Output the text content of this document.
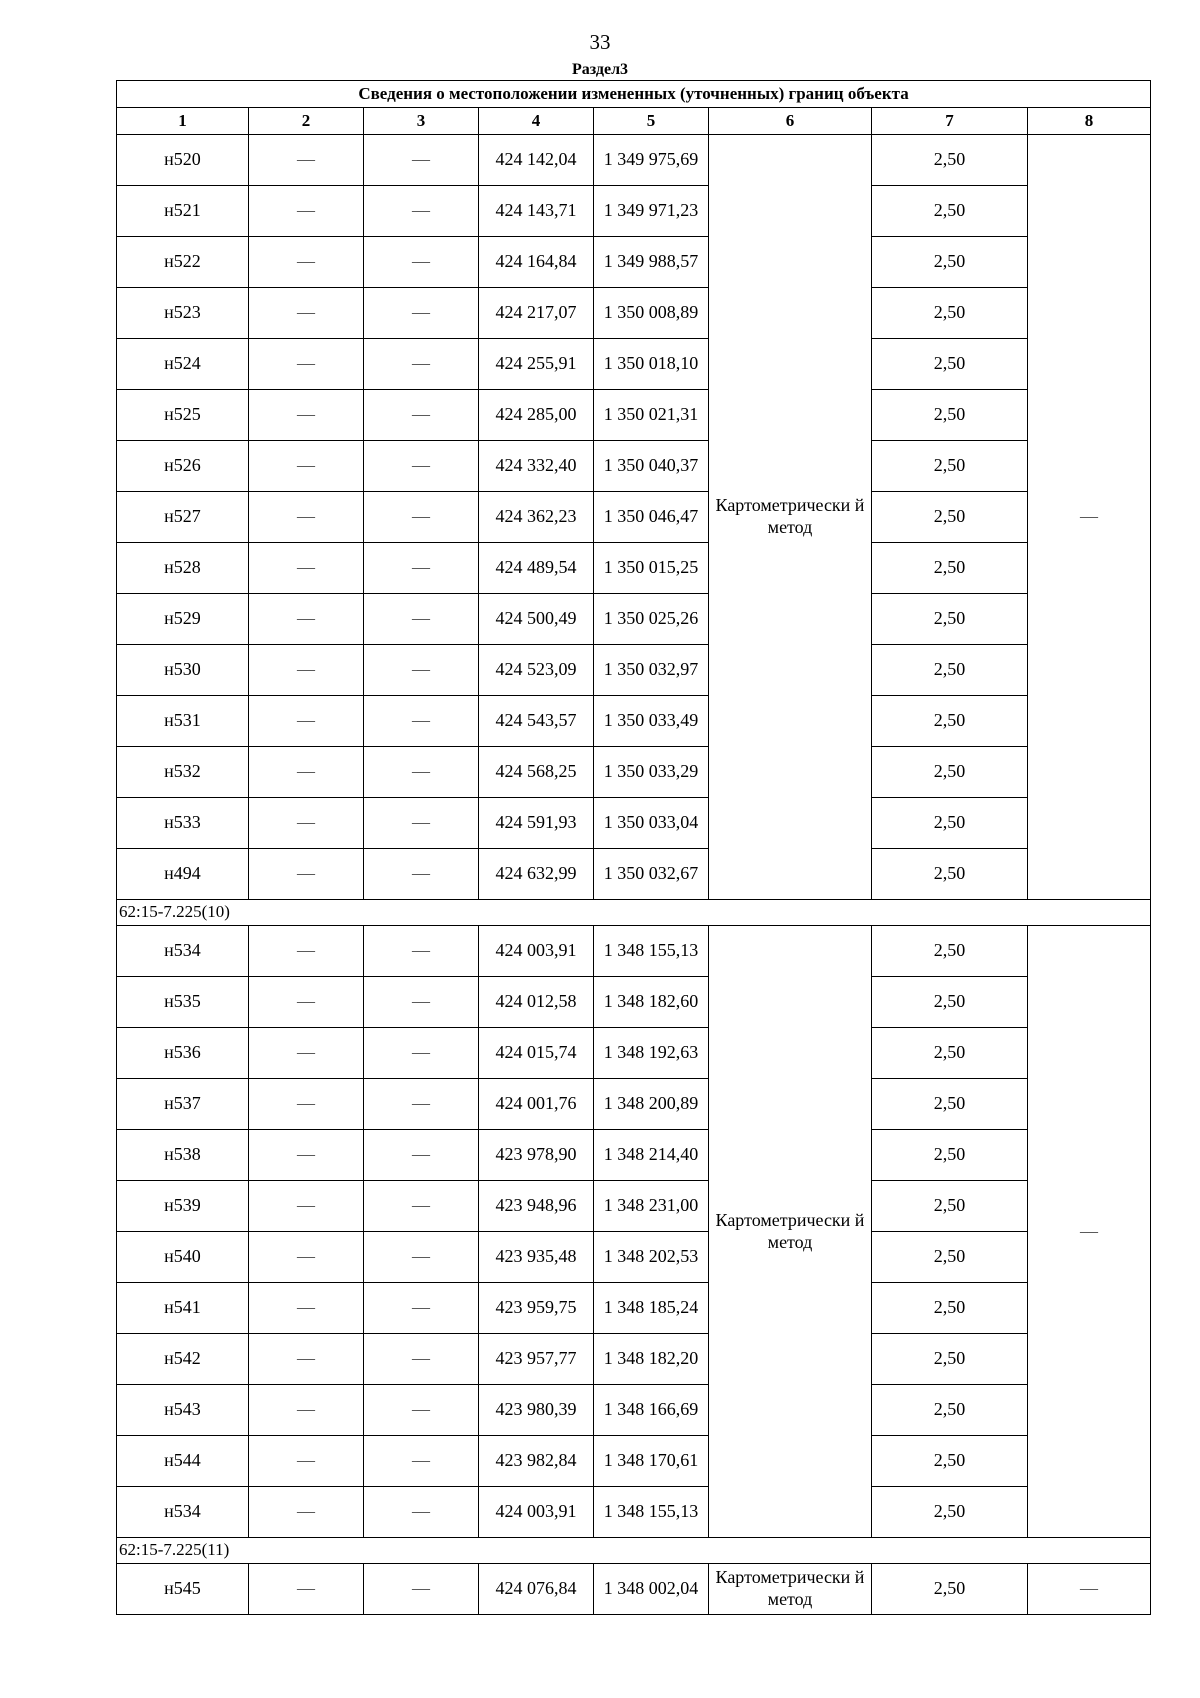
33
Раздел3
Сведения о местоположении измененных (уточненных) границ объекта							
1	2	3	4	5	6	7	8
н520	—	—	424 142,04	1 349 975,69	Картометрически й метод	2,50	—
н521	—	—	424 143,71	1 349 971,23		2,50	
н522	—	—	424 164,84	1 349 988,57		2,50	
н523	—	—	424 217,07	1 350 008,89		2,50	
н524	—	—	424 255,91	1 350 018,10		2,50	
н525	—	—	424 285,00	1 350 021,31		2,50	
н526	—	—	424 332,40	1 350 040,37		2,50	
н527	—	—	424 362,23	1 350 046,47		2,50	
н528	—	—	424 489,54	1 350 015,25		2,50	
н529	—	—	424 500,49	1 350 025,26		2,50	
н530	—	—	424 523,09	1 350 032,97		2,50	
н531	—	—	424 543,57	1 350 033,49		2,50	
н532	—	—	424 568,25	1 350 033,29		2,50	
н533	—	—	424 591,93	1 350 033,04		2,50	
н494	—	—	424 632,99	1 350 032,67		2,50	
62:15-7.225(10)							
н534	—	—	424 003,91	1 348 155,13	Картометрически й метод	2,50	—
н535	—	—	424 012,58	1 348 182,60		2,50	
н536	—	—	424 015,74	1 348 192,63		2,50	
н537	—	—	424 001,76	1 348 200,89		2,50	
н538	—	—	423 978,90	1 348 214,40		2,50	
н539	—	—	423 948,96	1 348 231,00		2,50	
н540	—	—	423 935,48	1 348 202,53		2,50	
н541	—	—	423 959,75	1 348 185,24		2,50	
н542	—	—	423 957,77	1 348 182,20		2,50	
н543	—	—	423 980,39	1 348 166,69		2,50	
н544	—	—	423 982,84	1 348 170,61		2,50	
н534	—	—	424 003,91	1 348 155,13		2,50	
62:15-7.225(11)							
н545	—	—	424 076,84	1 348 002,04	Картометрически й метод	2,50	—
